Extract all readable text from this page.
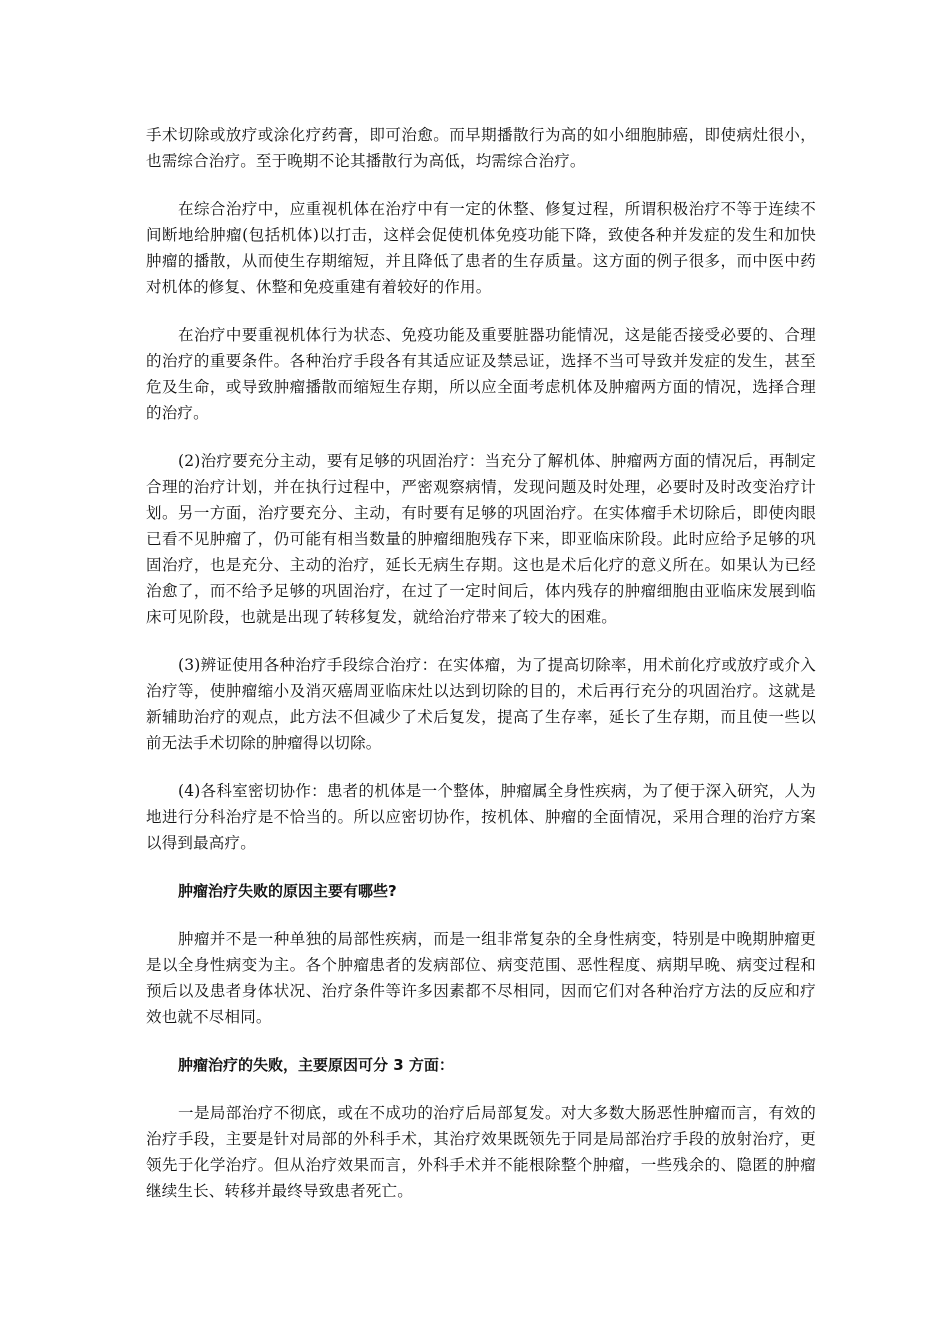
手术切除或放疗或涂化疗药膏，即可治愈。而早期播散行为高的如小细胞肺癌，即使病灶很小，也需综合治疗。至于晚期不论其播散行为高低，均需综合治疗。

在综合治疗中，应重视机体在治疗中有一定的休整、修复过程，所谓积极治疗不等于连续不间断地给肿瘤(包括机体)以打击，这样会促使机体免疫功能下降，致使各种并发症的发生和加快肿瘤的播散，从而使生存期缩短，并且降低了患者的生存质量。这方面的例子很多，而中医中药对机体的修复、休整和免疫重建有着较好的作用。

在治疗中要重视机体行为状态、免疫功能及重要脏器功能情况，这是能否接受必要的、合理的治疗的重要条件。各种治疗手段各有其适应证及禁忌证，选择不当可导致并发症的发生，甚至危及生命，或导致肿瘤播散而缩短生存期，所以应全面考虑机体及肿瘤两方面的情况，选择合理的治疗。

(2)治疗要充分主动，要有足够的巩固治疗：当充分了解机体、肿瘤两方面的情况后，再制定合理的治疗计划，并在执行过程中，严密观察病情，发现问题及时处理，必要时及时改变治疗计划。另一方面，治疗要充分、主动，有时要有足够的巩固治疗。在实体瘤手术切除后，即使肉眼已看不见肿瘤了，仍可能有相当数量的肿瘤细胞残存下来，即亚临床阶段。此时应给予足够的巩固治疗，也是充分、主动的治疗，延长无病生存期。这也是术后化疗的意义所在。如果认为已经治愈了，而不给予足够的巩固治疗，在过了一定时间后，体内残存的肿瘤细胞由亚临床发展到临床可见阶段，也就是出现了转移复发，就给治疗带来了较大的困难。

(3)辨证使用各种治疗手段综合治疗：在实体瘤，为了提高切除率，用术前化疗或放疗或介入治疗等，使肿瘤缩小及消灭癌周亚临床灶以达到切除的目的，术后再行充分的巩固治疗。这就是新辅助治疗的观点，此方法不但减少了术后复发，提高了生存率，延长了生存期，而且使一些以前无法手术切除的肿瘤得以切除。

(4)各科室密切协作：患者的机体是一个整体，肿瘤属全身性疾病，为了便于深入研究，人为地进行分科治疗是不恰当的。所以应密切协作，按机体、肿瘤的全面情况，采用合理的治疗方案以得到最高疗。

肿瘤治疗失败的原因主要有哪些?

肿瘤并不是一种单独的局部性疾病，而是一组非常复杂的全身性病变，特别是中晚期肿瘤更是以全身性病变为主。各个肿瘤患者的发病部位、病变范围、恶性程度、病期早晚、病变过程和预后以及患者身体状况、治疗条件等许多因素都不尽相同，因而它们对各种治疗方法的反应和疗效也就不尽相同。

肿瘤治疗的失败，主要原因可分 3 方面：

一是局部治疗不彻底，或在不成功的治疗后局部复发。对大多数大肠恶性肿瘤而言，有效的治疗手段，主要是针对局部的外科手术，其治疗效果既领先于同是局部治疗手段的放射治疗，更领先于化学治疗。但从治疗效果而言，外科手术并不能根除整个肿瘤，一些残余的、隐匿的肿瘤继续生长、转移并最终导致患者死亡。
